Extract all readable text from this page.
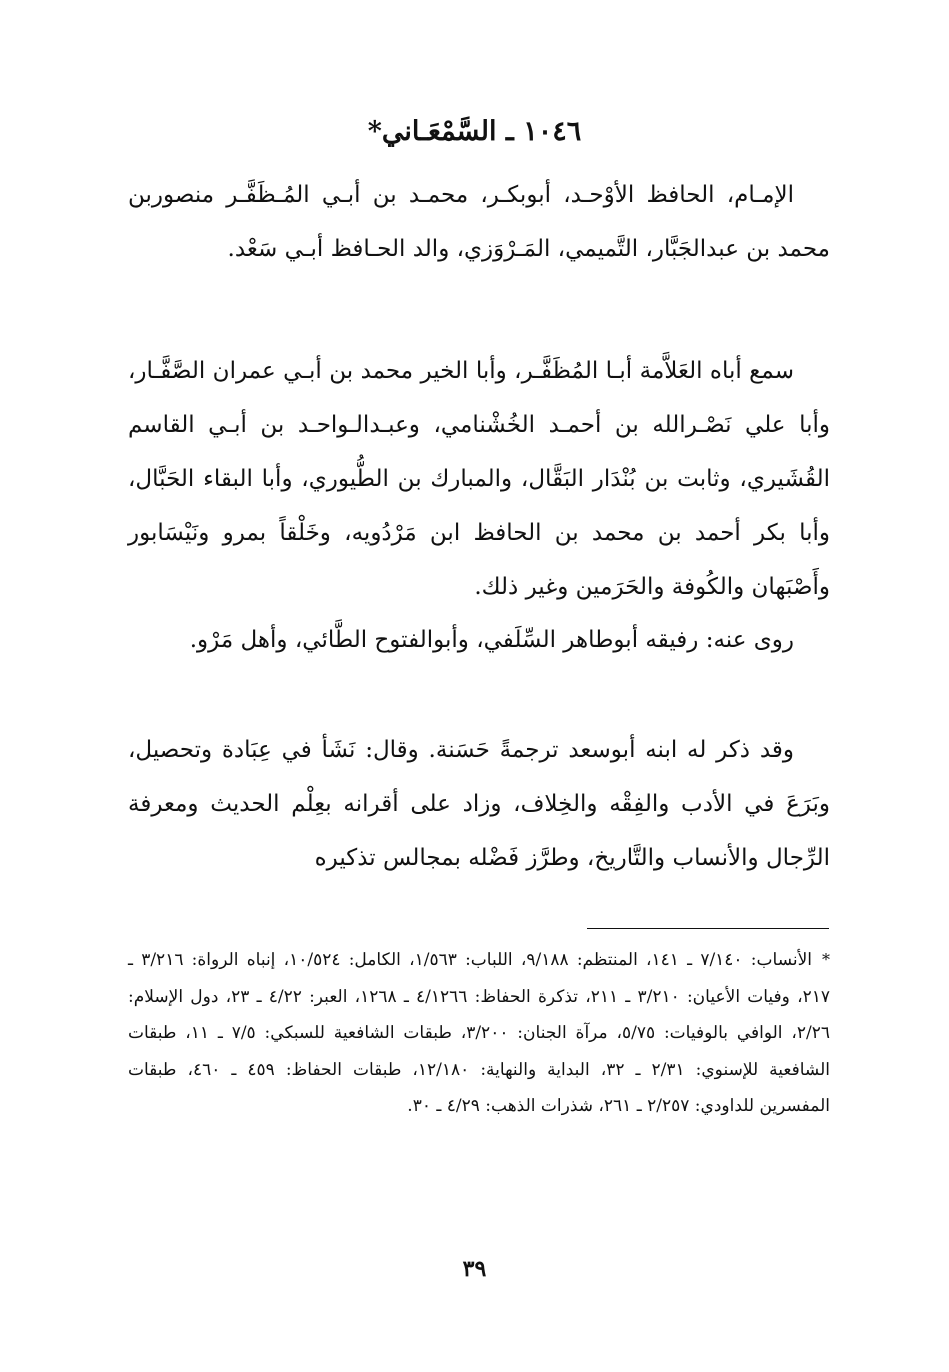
١٠٤٦ ـ السَّمْعَـاني*

الإمـام، الحافظ الأوْحـد، أبوبكـر، محمـد بن أبـي المُـظَفَّـر منصوربن محمد بن عبدالجَبَّار، التَّميمي، المَـرْوَزي، والد الحـافظ أبـي سَعْد.

سمع أباه العَلاَّمة أبـا المُظَفَّـر، وأبا الخير محمد بن أبـي عمران الصَّفَّـار، وأبا علي نَصْـرالله بن أحمـد الخُشْنامي، وعبـدالـواحـد بن أبـي القاسم القُشَيري، وثابت بن بُنْدَار البَقَّال، والمبارك بن الطُّيوري، وأبا البقاء الحَبَّال، وأبا بكر أحمد بن محمد بن الحافظ ابن مَرْدُويه، وخَلْقاً بمرو ونَيْسَابور وأَصْبَهان والكُوفة والحَرَمين وغير ذلك.

روى عنه: رفيقه أبوطاهر السِّلَفي، وأبوالفتوح الطَّائي، وأهل مَرْو.

وقد ذكر له ابنه أبوسعد ترجمةً حَسَنة. وقال: نَشَأ في عِبَادة وتحصيل، وبَرَعَ في الأدب والفِقْه والخِلاف، وزاد على أقرانه بعِلْم الحديث ومعرفة الرِّجال والأنساب والتَّاريخ، وطرَّز فَضْله بمجالس تذكيره

*الأنساب: ٧/١٤٠ ـ ١٤١، المنتظم: ٩/١٨٨، اللباب: ١/٥٦٣، الكامل: ١٠/٥٢٤، إنباه الرواة: ٣/٢١٦ ـ ٢١٧، وفيات الأعيان: ٣/٢١٠ ـ ٢١١، تذكرة الحفاظ: ٤/١٢٦٦ ـ ١٢٦٨، العبر: ٤/٢٢ ـ ٢٣، دول الإسلام: ٢/٢٦، الوافي بالوفيات: ٥/٧٥، مرآة الجنان: ٣/٢٠٠، طبقات الشافعية للسبكي: ٧/٥ ـ ١١، طبقات الشافعية للإسنوي: ٢/٣١ ـ ٣٢، البداية والنهاية: ١٢/١٨٠، طبقات الحفاظ: ٤٥٩ ـ ٤٦٠، طبقات المفسرين للداودي: ٢/٢٥٧ ـ ٢٦١، شذرات الذهب: ٤/٢٩ ـ ٣٠.

٣٩
